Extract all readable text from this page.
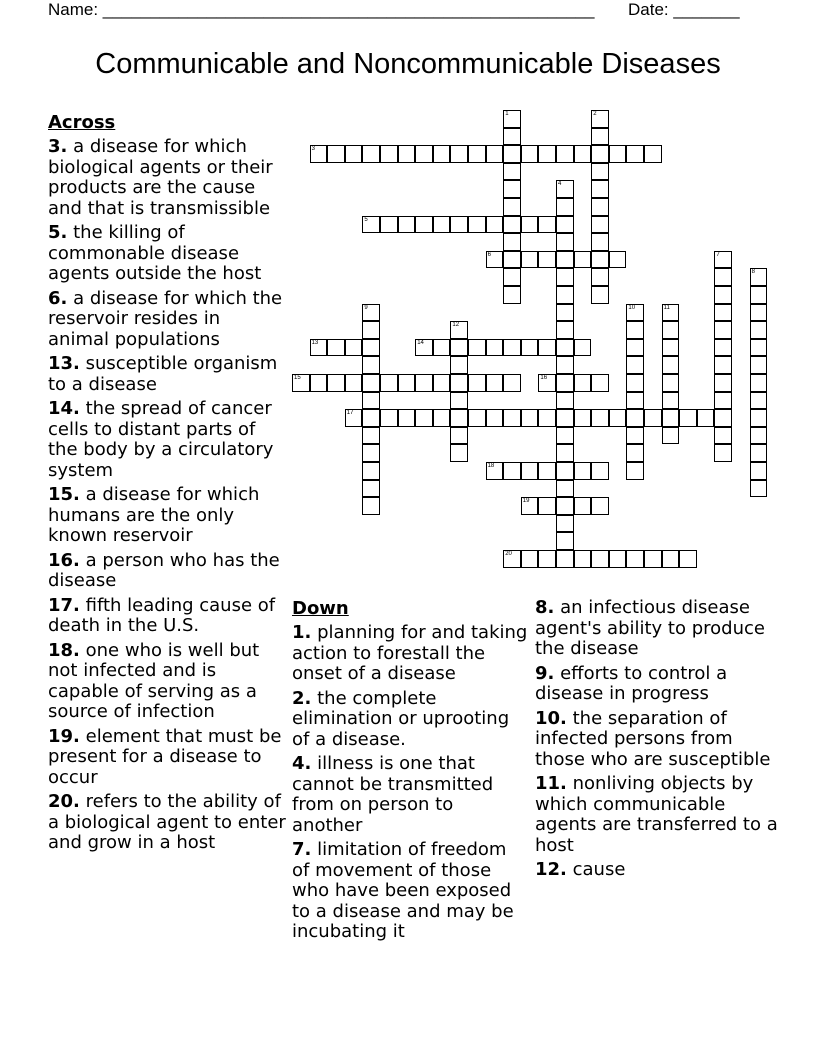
Name: ____________________________________________________ Date: _______
Communicable and Noncommunicable Diseases
Across
3. a disease for which biological agents or their products are the cause and that is transmissible
5. the killing of commonable disease agents outside the host
6. a disease for which the reservoir resides in animal populations
13. susceptible organism to a disease
14. the spread of cancer cells to distant parts of the body by a circulatory system
15. a disease for which humans are the only known reservoir
16. a person who has the disease
17. fifth leading cause of death in the U.S.
18. one who is well but not infected and is capable of serving as a source of infection
19. element that must be present for a disease to occur
20. refers to the ability of a biological agent to enter and grow in a host
Down
1. planning for and taking action to forestall the onset of a disease
2. the complete elimination or uprooting of a disease.
4. illness is one that cannot be transmitted from on person to another
7. limitation of freedom of movement of those who have been exposed to a disease and may be incubating it
8. an infectious disease agent's ability to produce the disease
9. efforts to control a disease in progress
10. the separation of infected persons from those who are susceptible
11. nonliving objects by which communicable agents are transferred to a host
12. cause
1	2
3
4
5
6	7
8
9	10	11
12
13	14
15	16
17
18
19
20
